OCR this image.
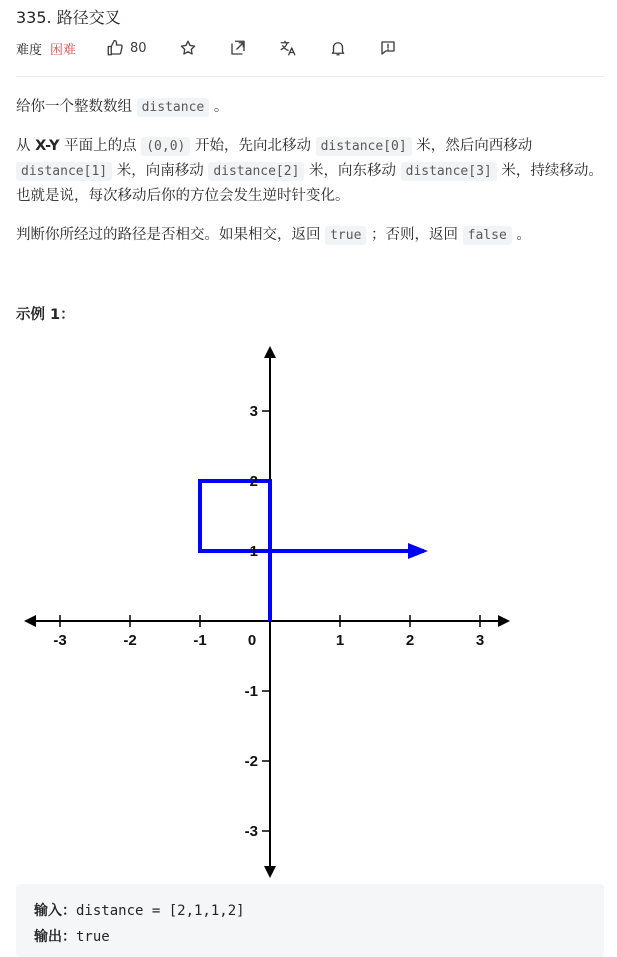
335. 路径交叉
难度 困难	80
给你一个整数数组 distance 。
从 X-Y 平面上的点 (0,0) 开始，先向北移动 distance[0] 米，然后向西移动 distance[1] 米，向南移动 distance[2] 米，向东移动 distance[3] 米，持续移动。也就是说，每次移动后你的方位会发生逆时针变化。
判断你所经过的路径是否相交。如果相交，返回 true ；否则，返回 false 。
示例 1：
-3	-2	-1	0	1	2	3
3
2
1
-1
-2
-3
输入：distance = [2,1,1,2]
输出：true
